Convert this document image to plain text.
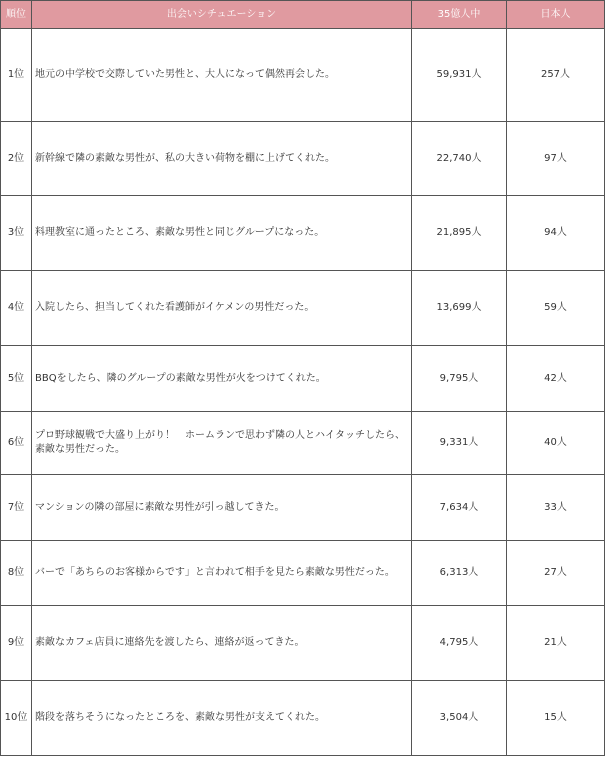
順位	出会いシチュエーション	35億人中	日本人
1位	地元の中学校で交際していた男性と、大人になって偶然再会した。	59,931人	257人
2位	新幹線で隣の素敵な男性が、私の大きい荷物を棚に上げてくれた。	22,740人	97人
3位	料理教室に通ったところ、素敵な男性と同じグループになった。	21,895人	94人
4位	入院したら、担当してくれた看護師がイケメンの男性だった。	13,699人	59人
5位	BBQをしたら、隣のグループの素敵な男性が火をつけてくれた。	9,795人	42人
6位	プロ野球観戦で大盛り上がり！　ホームランで思わず隣の人とハイタッチしたら、素敵な男性だった。	9,331人	40人
7位	マンションの隣の部屋に素敵な男性が引っ越してきた。	7,634人	33人
8位	バーで「あちらのお客様からです」と言われて相手を見たら素敵な男性だった。	6,313人	27人
9位	素敵なカフェ店員に連絡先を渡したら、連絡が返ってきた。	4,795人	21人
10位	階段を落ちそうになったところを、素敵な男性が支えてくれた。	3,504人	15人
